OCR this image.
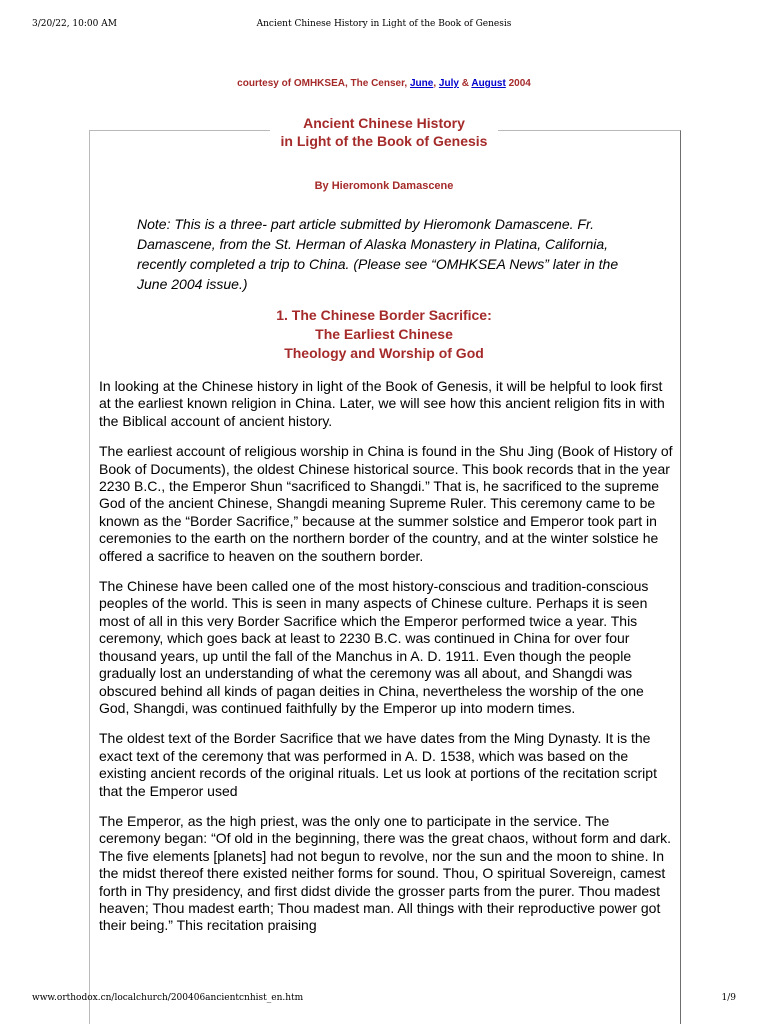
3/20/22, 10:00 AM	Ancient Chinese History in Light of the Book of Genesis
courtesy of OMHKSEA, The Censer, June, July & August 2004
Ancient Chinese History
in Light of the Book of Genesis
By Hieromonk Damascene
Note: This is a three- part article submitted by Hieromonk Damascene. Fr. Damascene, from the St. Herman of Alaska Monastery in Platina, California, recently completed a trip to China. (Please see “OMHKSEA News” later in the June 2004 issue.)
1. The Chinese Border Sacrifice:
The Earliest Chinese
Theology and Worship of God

In looking at the Chinese history in light of the Book of Genesis, it will be helpful to look first at the earliest known religion in China. Later, we will see how this ancient religion fits in with the Biblical account of ancient history.

The earliest account of religious worship in China is found in the Shu Jing (Book of History of Book of Documents), the oldest Chinese historical source. This book records that in the year 2230 B.C., the Emperor Shun “sacrificed to Shangdi.” That is, he sacrificed to the supreme God of the ancient Chinese, Shangdi meaning Supreme Ruler. This ceremony came to be known as the “Border Sacrifice,” because at the summer solstice and Emperor took part in ceremonies to the earth on the northern border of the country, and at the winter solstice he offered a sacrifice to heaven on the southern border.

The Chinese have been called one of the most history-conscious and tradition-conscious peoples of the world. This is seen in many aspects of Chinese culture. Perhaps it is seen most of all in this very Border Sacrifice which the Emperor performed twice a year. This ceremony, which goes back at least to 2230 B.C. was continued in China for over four thousand years, up until the fall of the Manchus in A. D. 1911. Even though the people gradually lost an understanding of what the ceremony was all about, and Shangdi was obscured behind all kinds of pagan deities in China, nevertheless the worship of the one God, Shangdi, was continued faithfully by the Emperor up into modern times.

The oldest text of the Border Sacrifice that we have dates from the Ming Dynasty. It is the exact text of the ceremony that was performed in A. D. 1538, which was based on the existing ancient records of the original rituals. Let us look at portions of the recitation script that the Emperor used

The Emperor, as the high priest, was the only one to participate in the service. The ceremony began: “Of old in the beginning, there was the great chaos, without form and dark. The five elements [planets] had not begun to revolve, nor the sun and the moon to shine. In the midst thereof there existed neither forms for sound. Thou, O spiritual Sovereign, camest forth in Thy presidency, and first didst divide the grosser parts from the purer. Thou madest heaven; Thou madest earth; Thou madest man. All things with their reproductive power got their being.” This recitation praising

www.orthodox.cn/localchurch/200406ancientcnhist_en.htm	1/9
